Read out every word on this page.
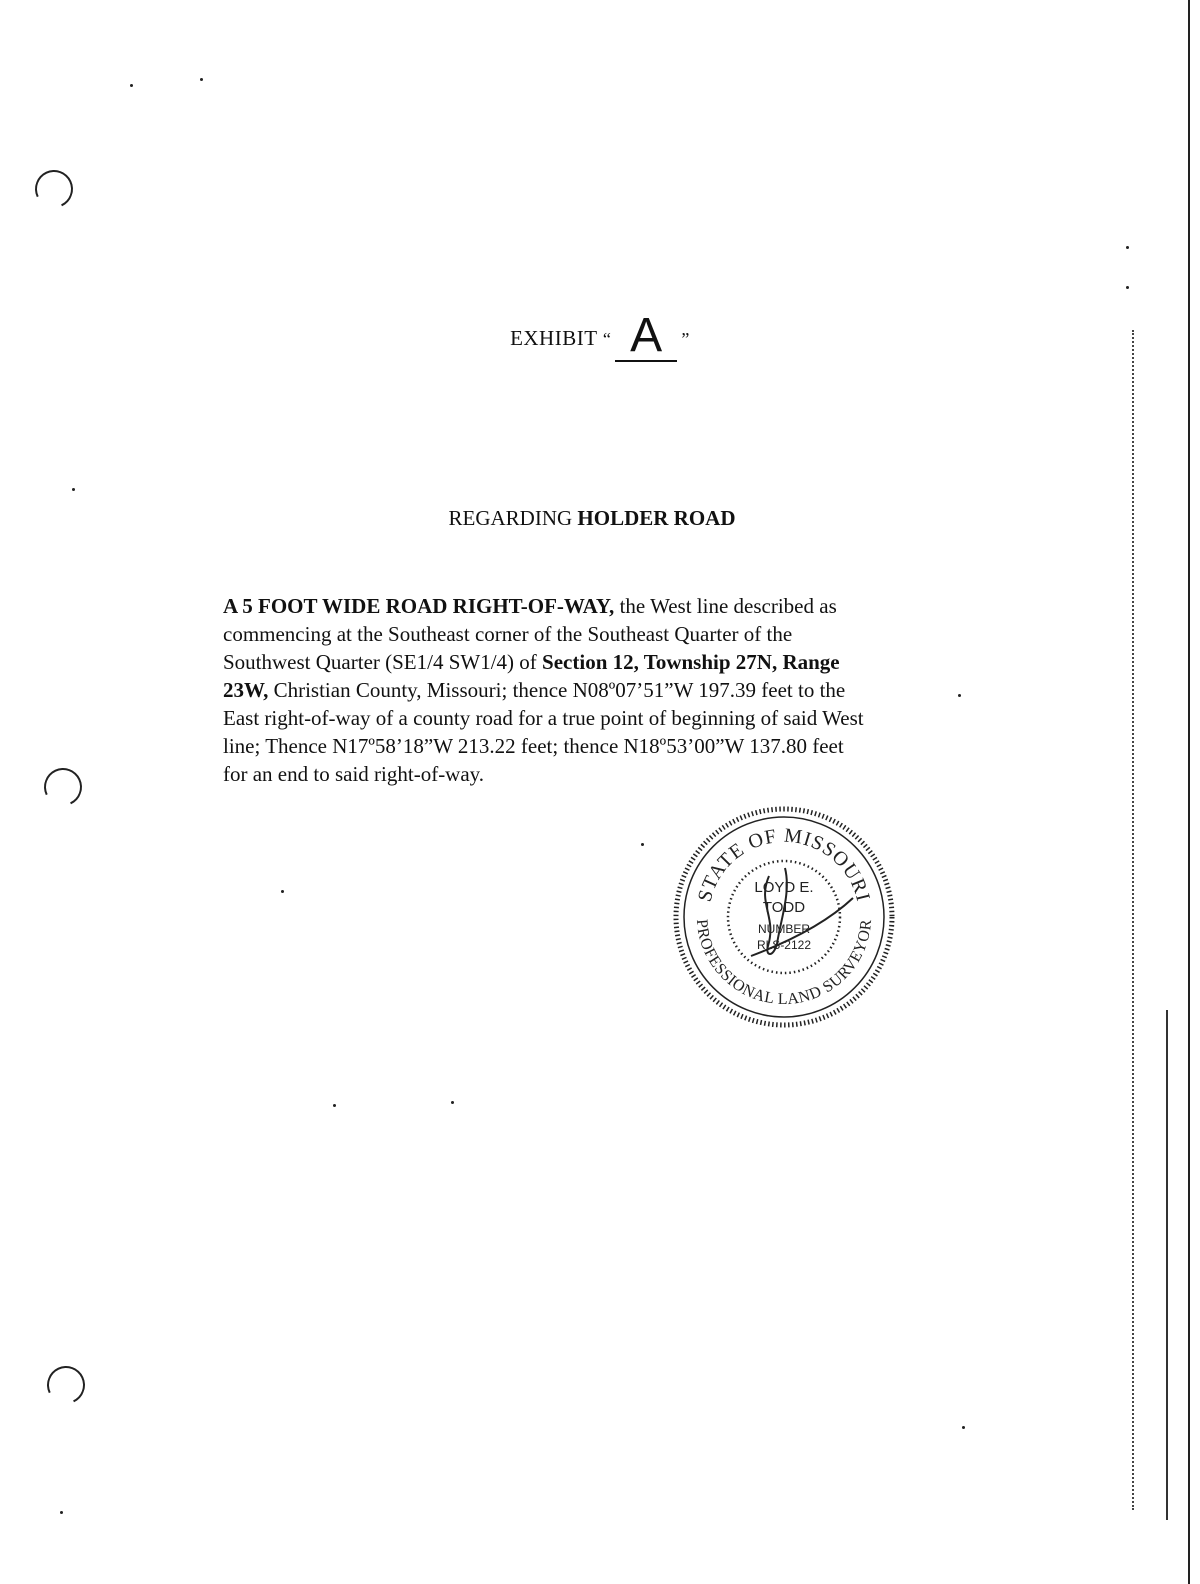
EXHIBIT “ A ”
REGARDING HOLDER ROAD
A 5 FOOT WIDE ROAD RIGHT-OF-WAY, the West line described as
commencing at the Southeast corner of the Southeast Quarter of the
Southwest Quarter (SE1/4 SW1/4) of Section 12, Township 27N, Range
23W, Christian County, Missouri; thence N08º07’51”W 197.39 feet to the
East right-of-way of a county road for a true point of beginning of said West
line; Thence N17º58’18”W 213.22 feet; thence N18º53’00”W 137.80 feet
for an end to said right-of-way.
STATE OF MISSOURI
PROFESSIONAL LAND SURVEYOR
LOYD E.
TODD
NUMBER
RLS-2122
